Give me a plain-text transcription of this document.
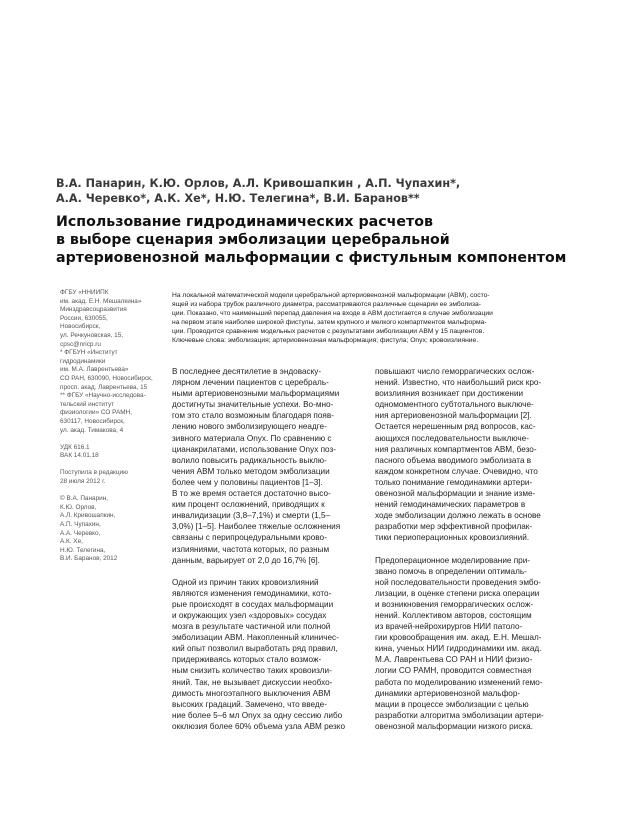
В.А. Панарин, К.Ю. Орлов, А.Л. Кривошапкин , А.П. Чупахин*,
А.А. Черевко*, А.К. Хе*, Н.Ю. Телегина*, В.И. Баранов**
Использование гидродинамических расчетов
в выборе сценария эмболизации церебральной
артериовенозной мальформации с фистульным компонентом
ФГБУ «ННИИПК
им. акад. Е.Н. Мешалкина»
Минздравсоцразвития
России, 630055,
Новосибирск,
ул. Речкуновская, 15,
cpsc@nricp.ru
* ФГБУН «Институт
гидродинамики
им. М.А. Лаврентьева»
СО РАН, 630090, Новосибирск,
просп. акад. Лаврентьева, 15
** ФГБУ «Научно-исследова-
тельский институт
физиологии» СО РАМН,
630117, Новосибирск,
ул. акад. Тимакова, 4
УДК 616.1
ВАК 14.01.18
Поступила в редакцию
28 июля 2012 г.
© В.А. Панарин,
К.Ю. Орлов,
А.Л. Кривошапкин,
А.П. Чупахин,
А.А. Черевко,
А.К. Хе,
Н.Ю. Телегина,
В.И. Баранов, 2012
На локальной математической модели церебральной артериовенозной мальформации (АВМ), состо-
ящей из набора трубок различного диаметра, рассматриваются различные сценарии ее эмболиза-
ции. Показано, что наименьший перепад давления на входе в АВМ достигается в случае эмболизации
на первом этапе наиболее широкой фистулы, затем крупного и мелкого компартментов мальформа-
ции. Проводится сравнение модельных расчетов с результатами эмболизации АВМ у 15 пациентов.
Ключевые слова: эмболизация; артериовенозная мальформация; фистула; Onyx; кровоизлияние.
В последнее десятилетие в эндоваску-
лярном лечении пациентов с церебраль-
ными артериовенозными мальформациями
достигнуты значительные успехи. Во-мно-
гом это стало возможным благодаря появ-
лению нового эмболизирующего неадге-
зивного материала Onyx. По сравнению с
цианакрилатами, использование Onyx поз-
волило повысить радикальность выклю-
чения АВМ только методом эмболизации
более чем у половины пациентов [1–3].
В то же время остается достаточно высо-
ким процент осложнений, приводящих к
инвалидизации (3,8–7,1%) и смерти (1,5–
3,0%) [1–5]. Наиболее тяжелые осложнения
связаны с перипроцедуральными крово-
излияниями, частота которых, по разным
данным, варьирует от 2,0 до 16,7% [6].
Одной из причин таких кровоизлияний
являются изменения гемодинамики, кото-
рые происходят в сосудах мальформации
и окружающих узел «здоровых» сосудах
мозга в результате частичной или полной
эмболизации АВМ. Накопленный клиничес-
кий опыт позволил выработать ряд правил,
придерживаясь которых стало возмож-
ным снизить количество таких кровоизли-
яний. Так, не вызывает дискуссии необхо-
димость многоэтапного выключения АВМ
высоких градаций. Замечено, что введе-
ние более 5–6 мл Onyx за одну сессию либо
окклюзия более 60% объема узла АВМ резко
повышают число геморрагических ослож-
нений. Известно, что наибольший риск кро-
воизлияния возникает при достижении
одномоментного субтотального выключе-
ния артериовенозной мальформации [2].
Остается нерешенным ряд вопросов, кас-
ающихся последовательности выключе-
ния различных компартментов АВМ, безо-
пасного объема вводимого эмболизата в
каждом конкретном случае. Очевидно, что
только понимание гемодинамики артери-
овенозной мальформации и знание изме-
нений гемодинамических параметров в
ходе эмболизации должно лежать в основе
разработки мер эффективной профилак-
тики периоперационных кровоизлияний.
Предоперационное моделирование при-
звано помочь в определении оптималь-
ной последовательности проведения эмбо-
лизации, в оценке степени риска операции
и возникновения геморрагических ослож-
нений. Коллективом авторов, состоящим
из врачей-нейрохирургов НИИ патоло-
гии кровообращения им. акад. Е.Н. Мешал-
кина, ученых НИИ гидродинамики им. акад.
М.А. Лаврентьева СО РАН и НИИ физио-
логии СО РАМН, проводится совместная
работа по моделированию изменений гемо-
динамики артериовенозной мальфор-
мации в процессе эмболизации с целью
разработки алгоритма эмболизации артери-
овенозной мальформации низкого риска.
